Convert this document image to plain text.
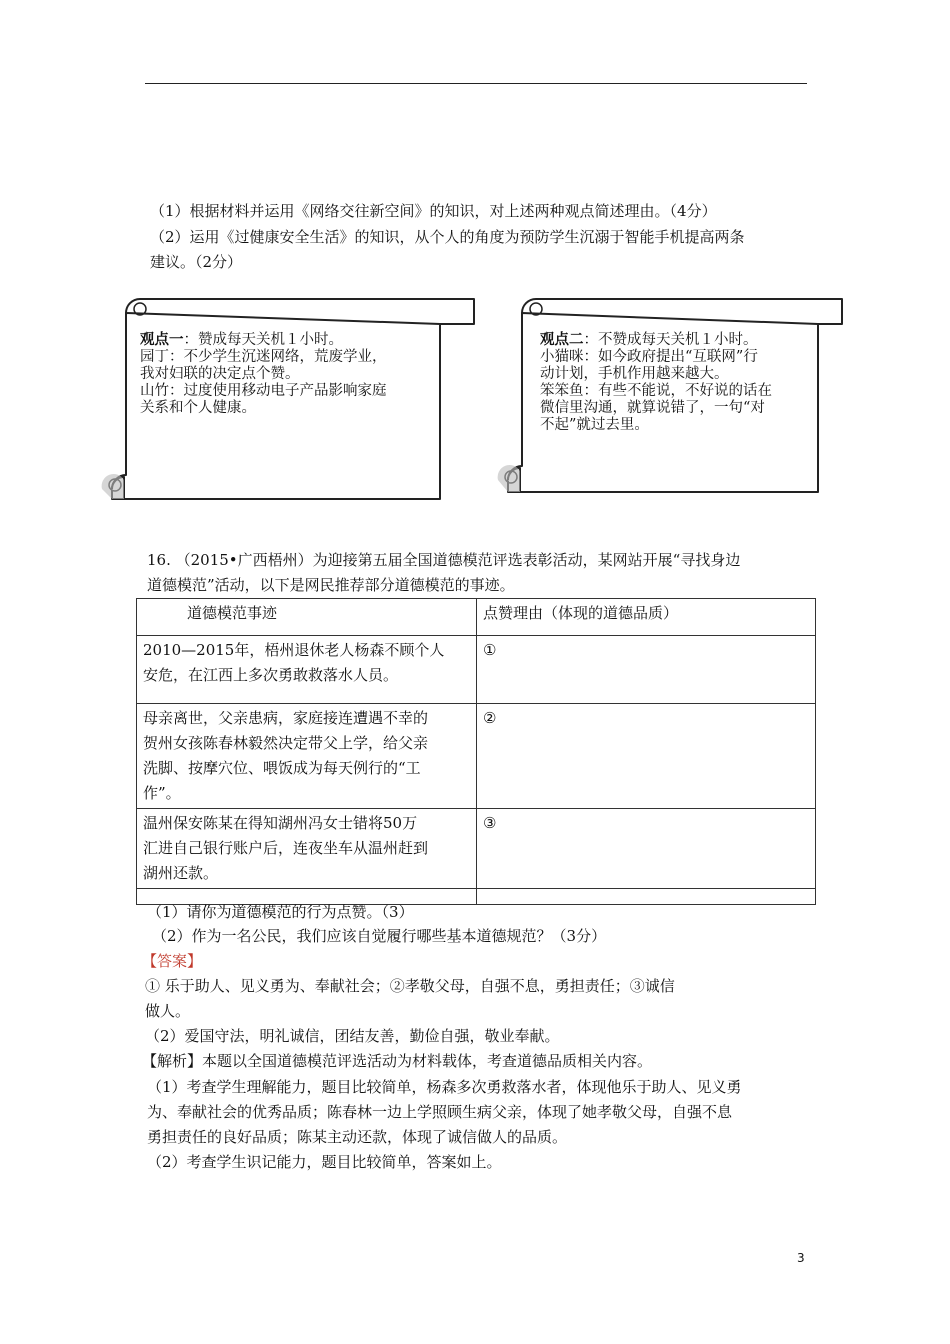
（1）根据材料并运用《网络交往新空间》的知识，对上述两种观点简述理由。（4分）
（2）运用《过健康安全生活》的知识，从个人的角度为预防学生沉溺于智能手机提高两条
建议。（2分）
观点一：赞成每天关机１小时。
园丁：不少学生沉迷网络，荒废学业，
我对妇联的决定点个赞。
山竹：过度使用移动电子产品影响家庭
关系和个人健康。
观点二：不赞成每天关机１小时。
小猫咪：如今政府提出“互联网”行
动计划，手机作用越来越大。
笨笨鱼：有些不能说，不好说的话在
微信里沟通，就算说错了，一句“对
不起”就过去里。
16. （2015•广西梧州）为迎接第五届全国道德模范评选表彰活动，某网站开展“寻找身边
道德模范”活动，以下是网民推荐部分道德模范的事迹。
道德模范事迹	点赞理由（体现的道德品质）

2010—2015年，梧州退休老人杨森不顾个人
安危，在江西上多次勇敢救落水人员。	①

母亲离世，父亲患病，家庭接连遭遇不幸的
贺州女孩陈春林毅然决定带父上学，给父亲
洗脚、按摩穴位、喂饭成为每天例行的“工
作”。	②

温州保安陈某在得知湖州冯女士错将50万
汇进自己银行账户后，连夜坐车从温州赶到
湖州还款。	③

（1）请你为道德模范的行为点赞。（3）
（2）作为一名公民，我们应该自觉履行哪些基本道德规范？（3分）
【答案】
① 乐于助人、见义勇为、奉献社会；②孝敬父母，自强不息，勇担责任；③诚信
做人。
（2）爱国守法，明礼诚信，团结友善，勤俭自强，敬业奉献。
【解析】本题以全国道德模范评选活动为材料载体，考查道德品质相关内容。
（1）考查学生理解能力，题目比较简单，杨森多次勇救落水者，体现他乐于助人、见义勇
为、奉献社会的优秀品质；陈春林一边上学照顾生病父亲，体现了她孝敬父母，自强不息
勇担责任的良好品质；陈某主动还款，体现了诚信做人的品质。
（2）考查学生识记能力，题目比较简单，答案如上。
3
